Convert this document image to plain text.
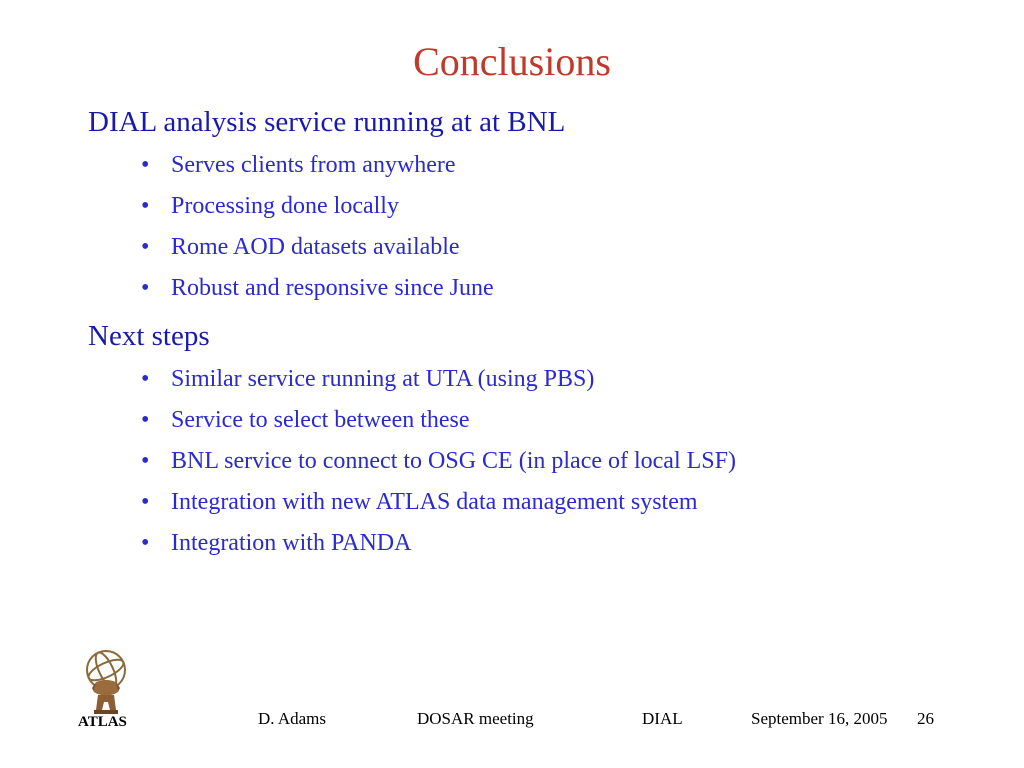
Conclusions
DIAL analysis service running at at BNL
• Serves clients from anywhere
• Processing done locally
• Rome AOD datasets available
• Robust and responsive since June
Next steps
• Similar service running at UTA (using PBS)
• Service to select between these
• BNL service to connect to OSG CE (in place of local LSF)
• Integration with new ATLAS data management system
• Integration with PANDA
ATLAS	D. Adams	DOSAR meeting	DIAL	September 16, 2005 26
